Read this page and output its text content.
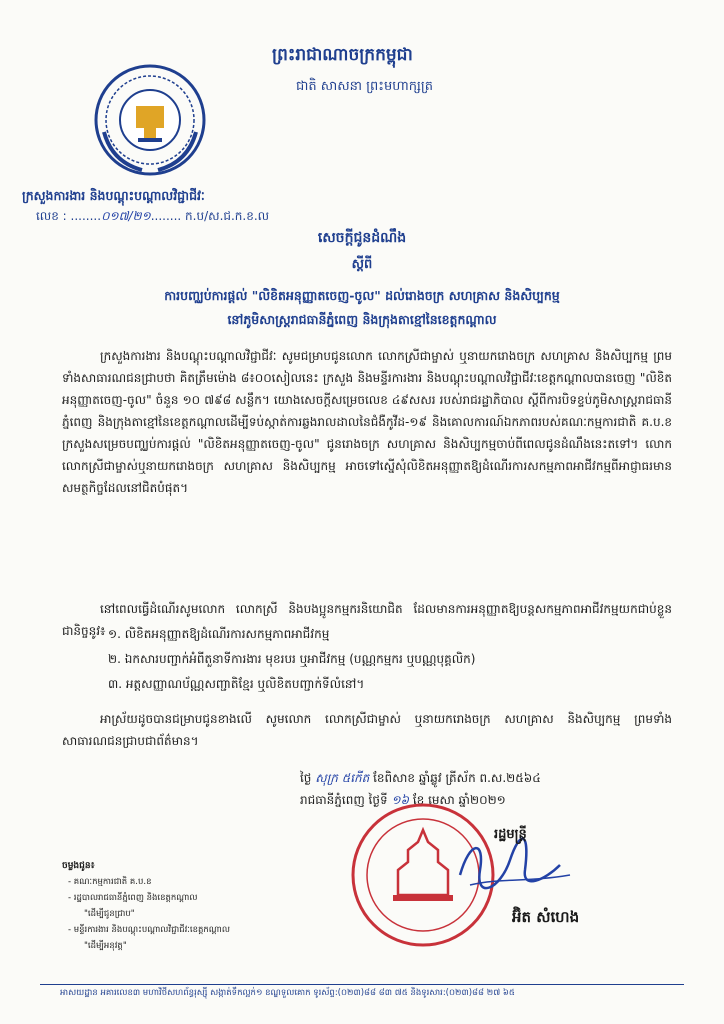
ព្រះរាជាណាចក្រកម្ពុជា
ជាតិ សាសនា ព្រះមហាក្សត្រ
ក្រសួងការងារ និងបណ្តុះបណ្តាលវិជ្ជាជីវៈ
លេខ : ........០១៧/២១........ ក.ប/ស.ជ.ក.ខ.ល
សេចក្តីជូនដំណឹង
ស្តីពី
ការបញ្ឈប់ការផ្តល់ "លិខិតអនុញ្ញាតចេញ-ចូល" ដល់រោងចក្រ សហគ្រាស និងសិប្បកម្ម
នៅភូមិសាស្ត្ររាជធានីភ្នំពេញ និងក្រុងតាខ្មៅនៃខេត្តកណ្តាល
ក្រសួងការងារ និងបណ្តុះបណ្តាលវិជ្ជាជីវៈ សូមជម្រាបជូនលោក លោកស្រីជាម្ចាស់ ឬនាយករោងចក្រ សហគ្រាស និងសិប្បកម្ម ព្រមទាំងសាធារណជនជ្រាបថា គិតត្រឹមម៉ោង ៨៖០០សៀលនេះ ក្រសួង និងមន្ទីរការងារ និងបណ្តុះបណ្តាលវិជ្ជាជីវៈខេត្តកណ្តាលបានចេញ "លិខិតអនុញ្ញាតចេញ-ចូល" ចំនួន ១០ ៧៩៨ សន្លឹក។ យោងសេចក្តីសម្រេចលេខ ៤៩សសរ របស់រាជរដ្ឋាភិបាល ស្តីពីការបិទខ្ទប់ភូមិសាស្ត្ររាជធានីភ្នំពេញ និងក្រុងតាខ្មៅនៃខេត្តកណ្តាលដើម្បីទប់ស្កាត់ការឆ្លងរាលដាលនៃជំងឺកូវីដ-១៩ និងគោលការណ៍ឯកភាពរបស់គណៈកម្មការជាតិ គ.ប.ខ ក្រសួងសម្រេចបញ្ឈប់ការផ្តល់ "លិខិតអនុញ្ញាតចេញ-ចូល" ជូនរោងចក្រ សហគ្រាស និងសិប្បកម្មចាប់ពីពេលជូនដំណឹងនេះតទៅ។ លោក លោកស្រីជាម្ចាស់ឬនាយករោងចក្រ សហគ្រាស និងសិប្បកម្ម អាចទៅស្នើសុំលិខិតអនុញ្ញាតឱ្យដំណើរការសកម្មភាពអាជីវកម្មពីអាជ្ញាធរមានសមត្ថកិច្ចដែលនៅជិតបំផុត។
នៅពេលធ្វើដំណើរសូមលោក លោកស្រី និងបងប្អូនកម្មករនិយោជិត ដែលមានការអនុញ្ញាតឱ្យបន្តសកម្មភាពអាជីវកម្មយកជាប់ខ្លួនជានិច្ចនូវ៖ ១. លិខិតអនុញ្ញាតឱ្យដំណើរការសកម្មភាពអាជីវកម្ម
២. ឯកសារបញ្ជាក់អំពីតួនាទីការងារ មុខរបរ ឬអាជីវកម្ម (បណ្ណកម្មករ ឬបណ្ណបុគ្គលិក)
៣. អត្តសញ្ញាណប័ណ្ណសញ្ជាតិខ្មែរ ឬលិខិតបញ្ជាក់ទីលំនៅ។
អាស្រ័យដូចបានជម្រាបជូនខាងលើ សូមលោក លោកស្រីជាម្ចាស់ ឬនាយករោងចក្រ សហគ្រាស និងសិប្បកម្ម ព្រមទាំងសាធារណជនជ្រាបជាព័ត៌មាន។
ថ្ងៃ សុក្រ ៥កើត ខែពិសាខ ឆ្នាំឆ្លូវ ត្រីស័ក ព.ស.២៥៦៤
រាជធានីភ្នំពេញ ថ្ងៃទី ១៦ ខែ មេសា ឆ្នាំ២០២១
រដ្ឋមន្ត្រី
អ៊ិត សំហេង
ចម្លងជូន៖
- គណៈកម្មការជាតិ គ.ប.ខ
- រដ្ឋបាលរាជធានីភ្នំពេញ និងខេត្តកណ្តាល
"ដើម្បីជូនជ្រាប"
- មន្ទីរការងារ និងបណ្តុះបណ្តាលវិជ្ជាជីវៈខេត្តកណ្តាល
"ដើម្បីអនុវត្ត"
អាសយដ្ឋាន អគារលេខ៣ មហាវិថីសហព័ន្ធរុស្ស៊ី សង្កាត់ទឹកល្អក់១ ខណ្ឌទួលគោក ទូរស័ព្ទ:(០២៣)៨៨ ៨៣ ៧៥ និងទូរសារ:(០២៣)៨៨ ២៧ ៦៥
